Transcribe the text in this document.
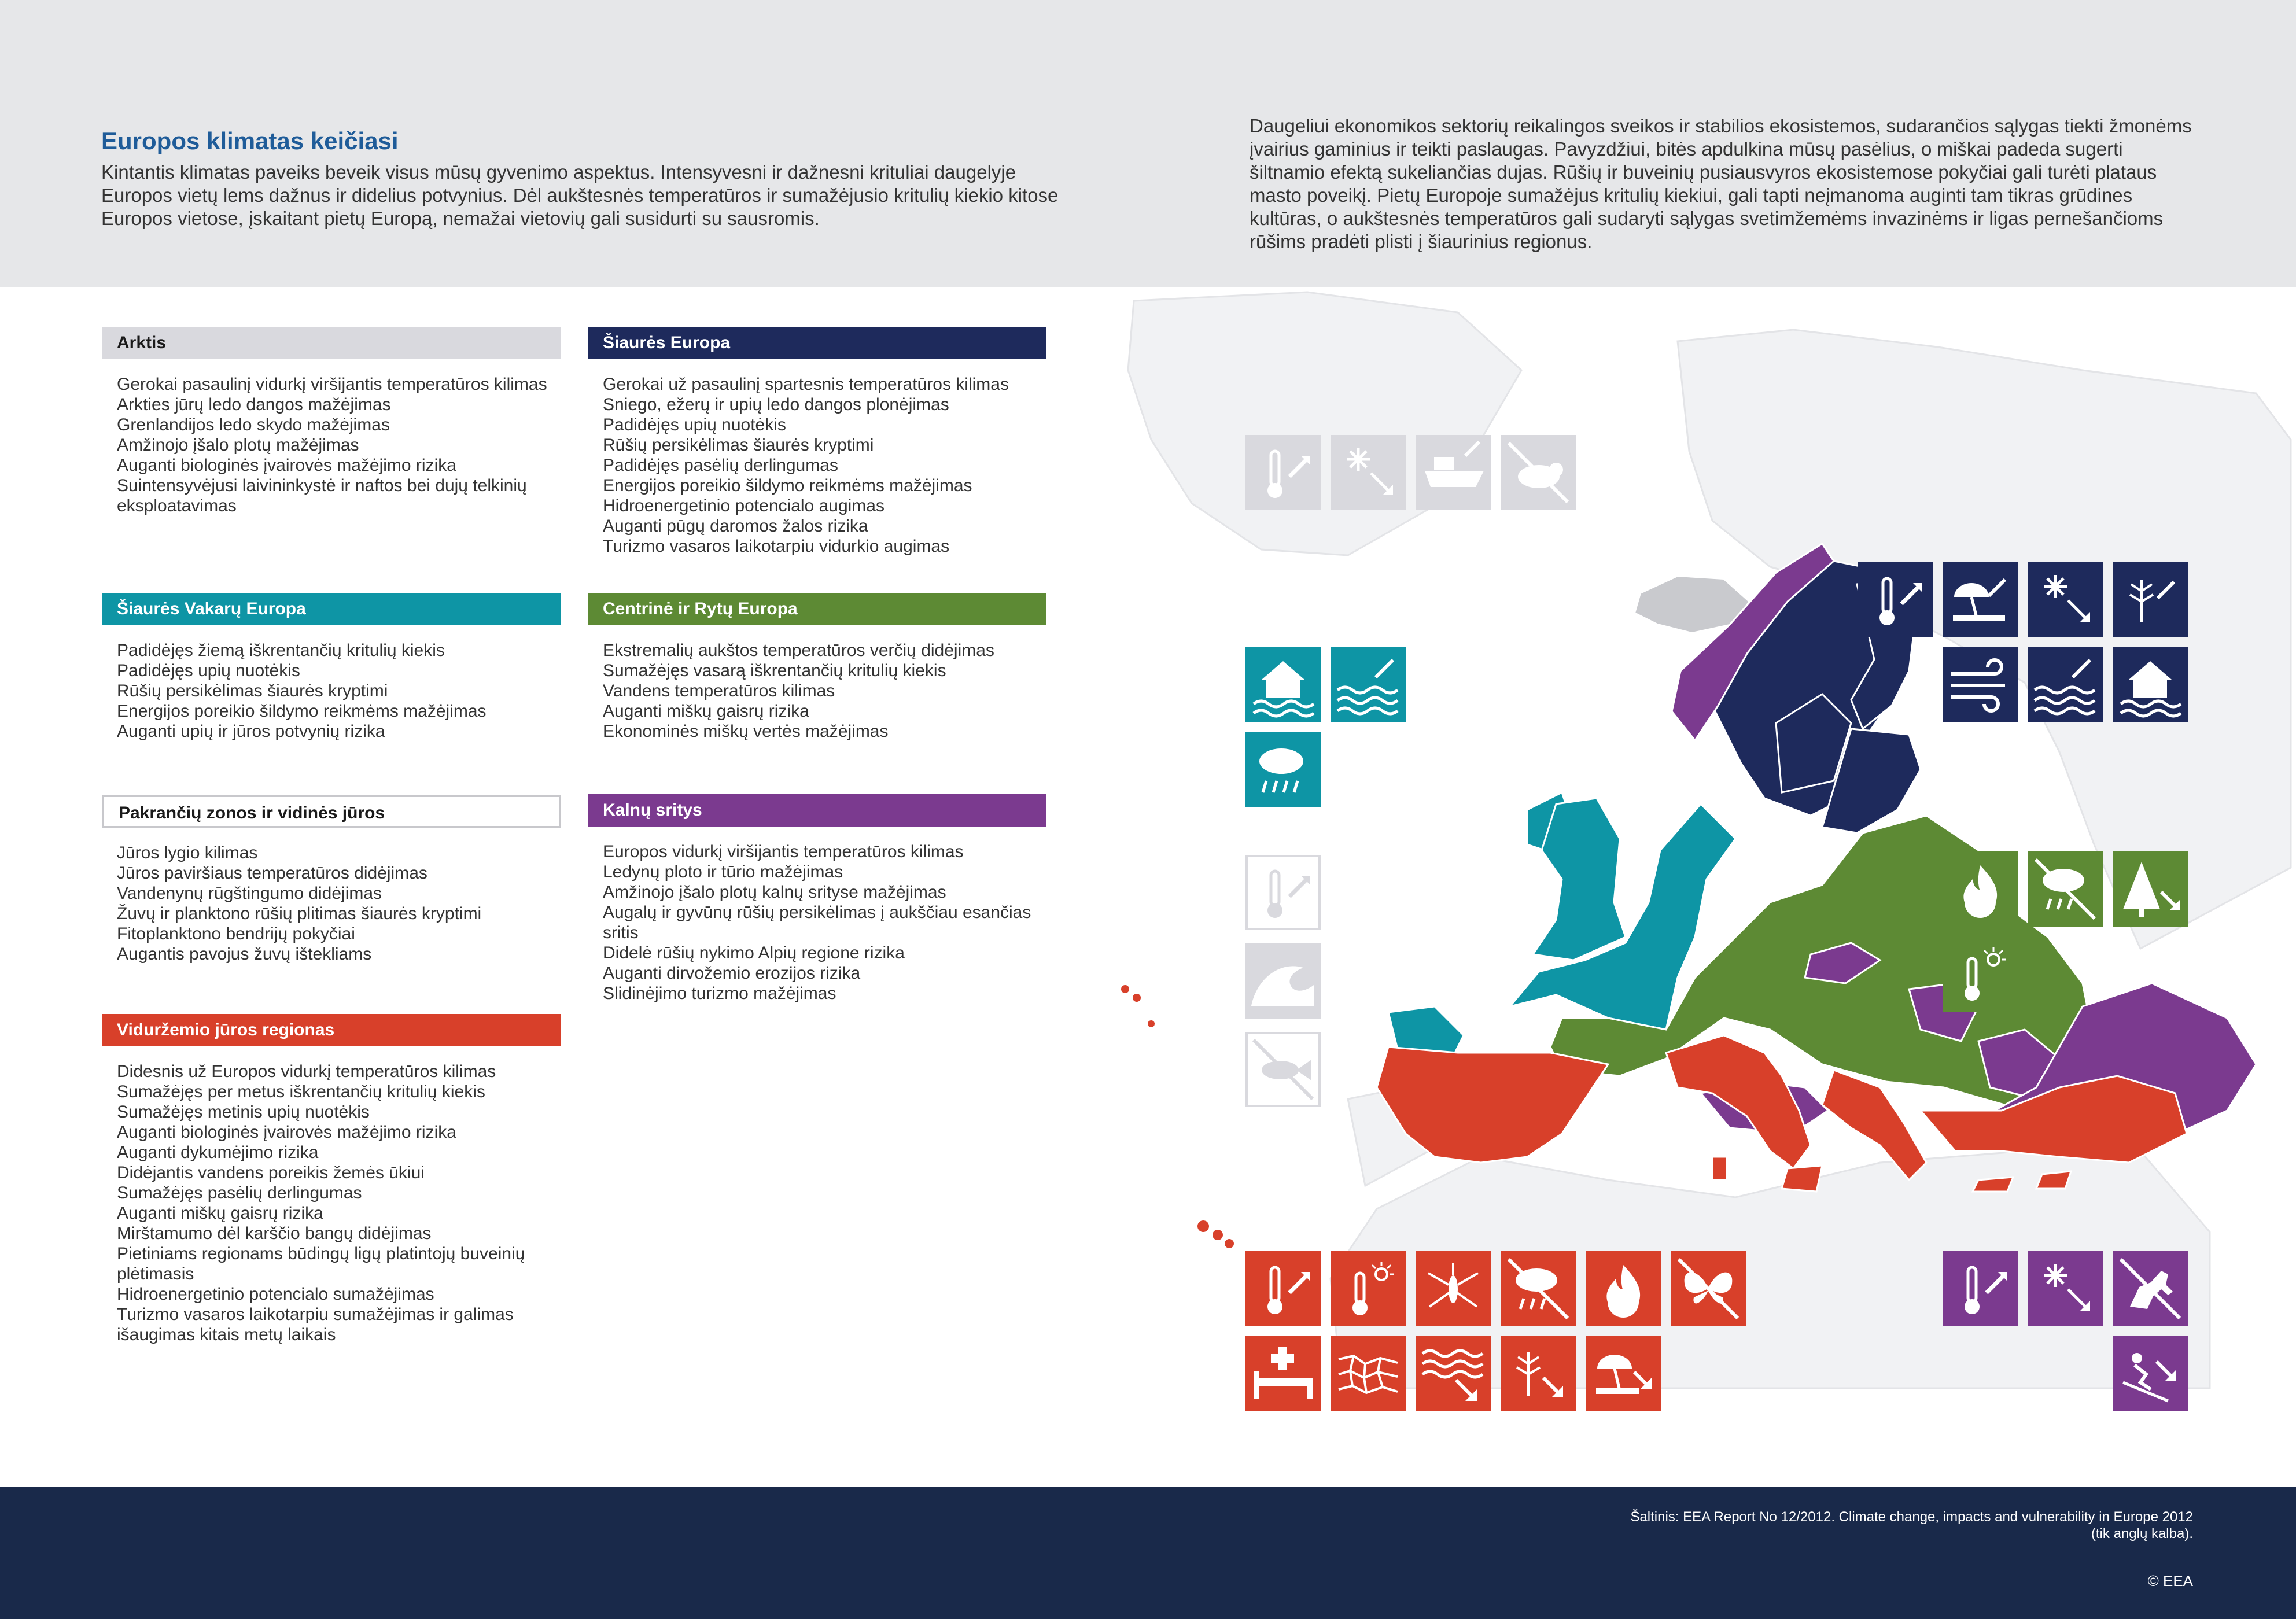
Europos klimatas keičiasi
Kintantis klimatas paveiks beveik visus mūsų gyvenimo aspektus. Intensyvesni ir dažnesni krituliai daugelyje Europos vietų lems dažnus ir didelius potvynius. Dėl aukštesnės temperatūros ir sumažėjusio kritulių kiekio kitose Europos vietose, įskaitant pietų Europą, nemažai vietovių gali susidurti su sausromis.
Daugeliui ekonomikos sektorių reikalingos sveikos ir stabilios ekosistemos, sudarančios sąlygas tiekti žmonėms įvairius gaminius ir teikti paslaugas. Pavyzdžiui, bitės apdulkina mūsų pasėlius, o miškai padeda sugerti šiltnamio efektą sukeliančias dujas. Rūšių ir buveinių pusiausvyros ekosistemose pokyčiai gali turėti plataus masto poveikį. Pietų Europoje sumažėjus kritulių kiekiui, gali tapti neįmanoma auginti tam tikras grūdines kultūras, o aukštesnės temperatūros gali sudaryti sąlygas svetimžemėms invazinėms ir ligas pernešančioms rūšims pradėti plisti į šiaurinius regionus.
Arktis
Gerokai pasaulinį vidurkį viršijantis temperatūros kilimas
Arkties jūrų ledo dangos mažėjimas
Grenlandijos ledo skydo mažėjimas
Amžinojo įšalo plotų mažėjimas
Auganti biologinės įvairovės mažėjimo rizika
Suintensyvėjusi laivininkystė ir naftos bei dujų telkinių eksploatavimas
Šiaurės Europa
Gerokai už pasaulinį spartesnis temperatūros kilimas
Sniego, ežerų ir upių ledo dangos plonėjimas
Padidėjęs upių nuotėkis
Rūšių persikėlimas šiaurės kryptimi
Padidėjęs pasėlių derlingumas
Energijos poreikio šildymo reikmėms mažėjimas
Hidroenergetinio potencialo augimas
Auganti pūgų daromos žalos rizika
Turizmo vasaros laikotarpiu vidurkio augimas
Šiaurės Vakarų Europa
Padidėjęs žiemą iškrentančių kritulių kiekis
Padidėjęs upių nuotėkis
Rūšių persikėlimas šiaurės kryptimi
Energijos poreikio šildymo reikmėms mažėjimas
Auganti upių ir jūros potvynių rizika
Centrinė ir Rytų Europa
Ekstremalių aukštos temperatūros verčių didėjimas
Sumažėjęs vasarą iškrentančių kritulių kiekis
Vandens temperatūros kilimas
Auganti miškų gaisrų rizika
Ekonominės miškų vertės mažėjimas
Pakrančių zonos ir vidinės jūros
Jūros lygio kilimas
Jūros paviršiaus temperatūros didėjimas
Vandenynų rūgštingumo didėjimas
Žuvų ir planktono rūšių plitimas šiaurės kryptimi
Fitoplanktono bendrijų pokyčiai
Augantis pavojus žuvų ištekliams
Kalnų sritys
Europos vidurkį viršijantis temperatūros kilimas
Ledynų ploto ir tūrio mažėjimas
Amžinojo įšalo plotų kalnų srityse mažėjimas
Augalų ir gyvūnų rūšių persikėlimas į aukščiau esančias sritis
Didelė rūšių nykimo Alpių regione rizika
Auganti dirvožemio erozijos rizika
Slidinėjimo turizmo mažėjimas
Viduržemio jūros regionas
Didesnis už Europos vidurkį temperatūros kilimas
Sumažėjęs per metus iškrentančių kritulių kiekis
Sumažėjęs metinis upių nuotėkis
Auganti biologinės įvairovės mažėjimo rizika
Auganti dykumėjimo rizika
Didėjantis vandens poreikis žemės ūkiui
Sumažėjęs pasėlių derlingumas
Auganti miškų gaisrų rizika
Mirštamumo dėl karščio bangų didėjimas
Pietiniams regionams būdingų ligų platintojų buveinių plėtimasis
Hidroenergetinio potencialo sumažėjimas
Turizmo vasaros laikotarpiu sumažėjimas ir galimas išaugimas kitais metų laikais
Šaltinis: EEA Report No 12/2012. Climate change, impacts and vulnerability in Europe 2012
(tik anglų kalba).
© EEA
